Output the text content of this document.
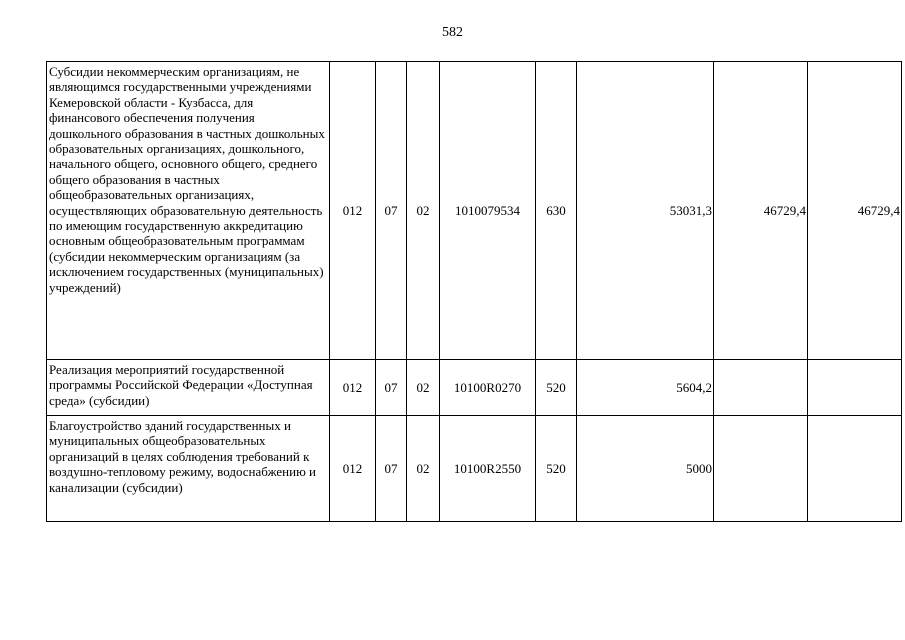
582
Субсидии некоммерческим организациям, не являющимся государственными учреждениями Кемеровской области - Кузбасса, для финансового обеспечения получения дошкольного образования в частных дошкольных образовательных организациях, дошкольного, начального общего, основного общего, среднего общего образования в частных общеобразовательных организациях, осуществляющих образовательную деятельность по имеющим государственную аккредитацию основным общеобразовательным программам (субсидии некоммерческим организациям (за исключением государственных (муниципальных) учреждений)	012	07	02	1010079534	630	53031,3	46729,4	46729,4
Реализация мероприятий государственной программы Российской Федерации «Доступная среда» (субсидии)	012	07	02	10100R0270	520	5604,2		
Благоустройство зданий государственных и муниципальных общеобразовательных организаций в целях соблюдения требований к воздушно-тепловому режиму, водоснабжению и канализации (субсидии)	012	07	02	10100R2550	520	5000		
